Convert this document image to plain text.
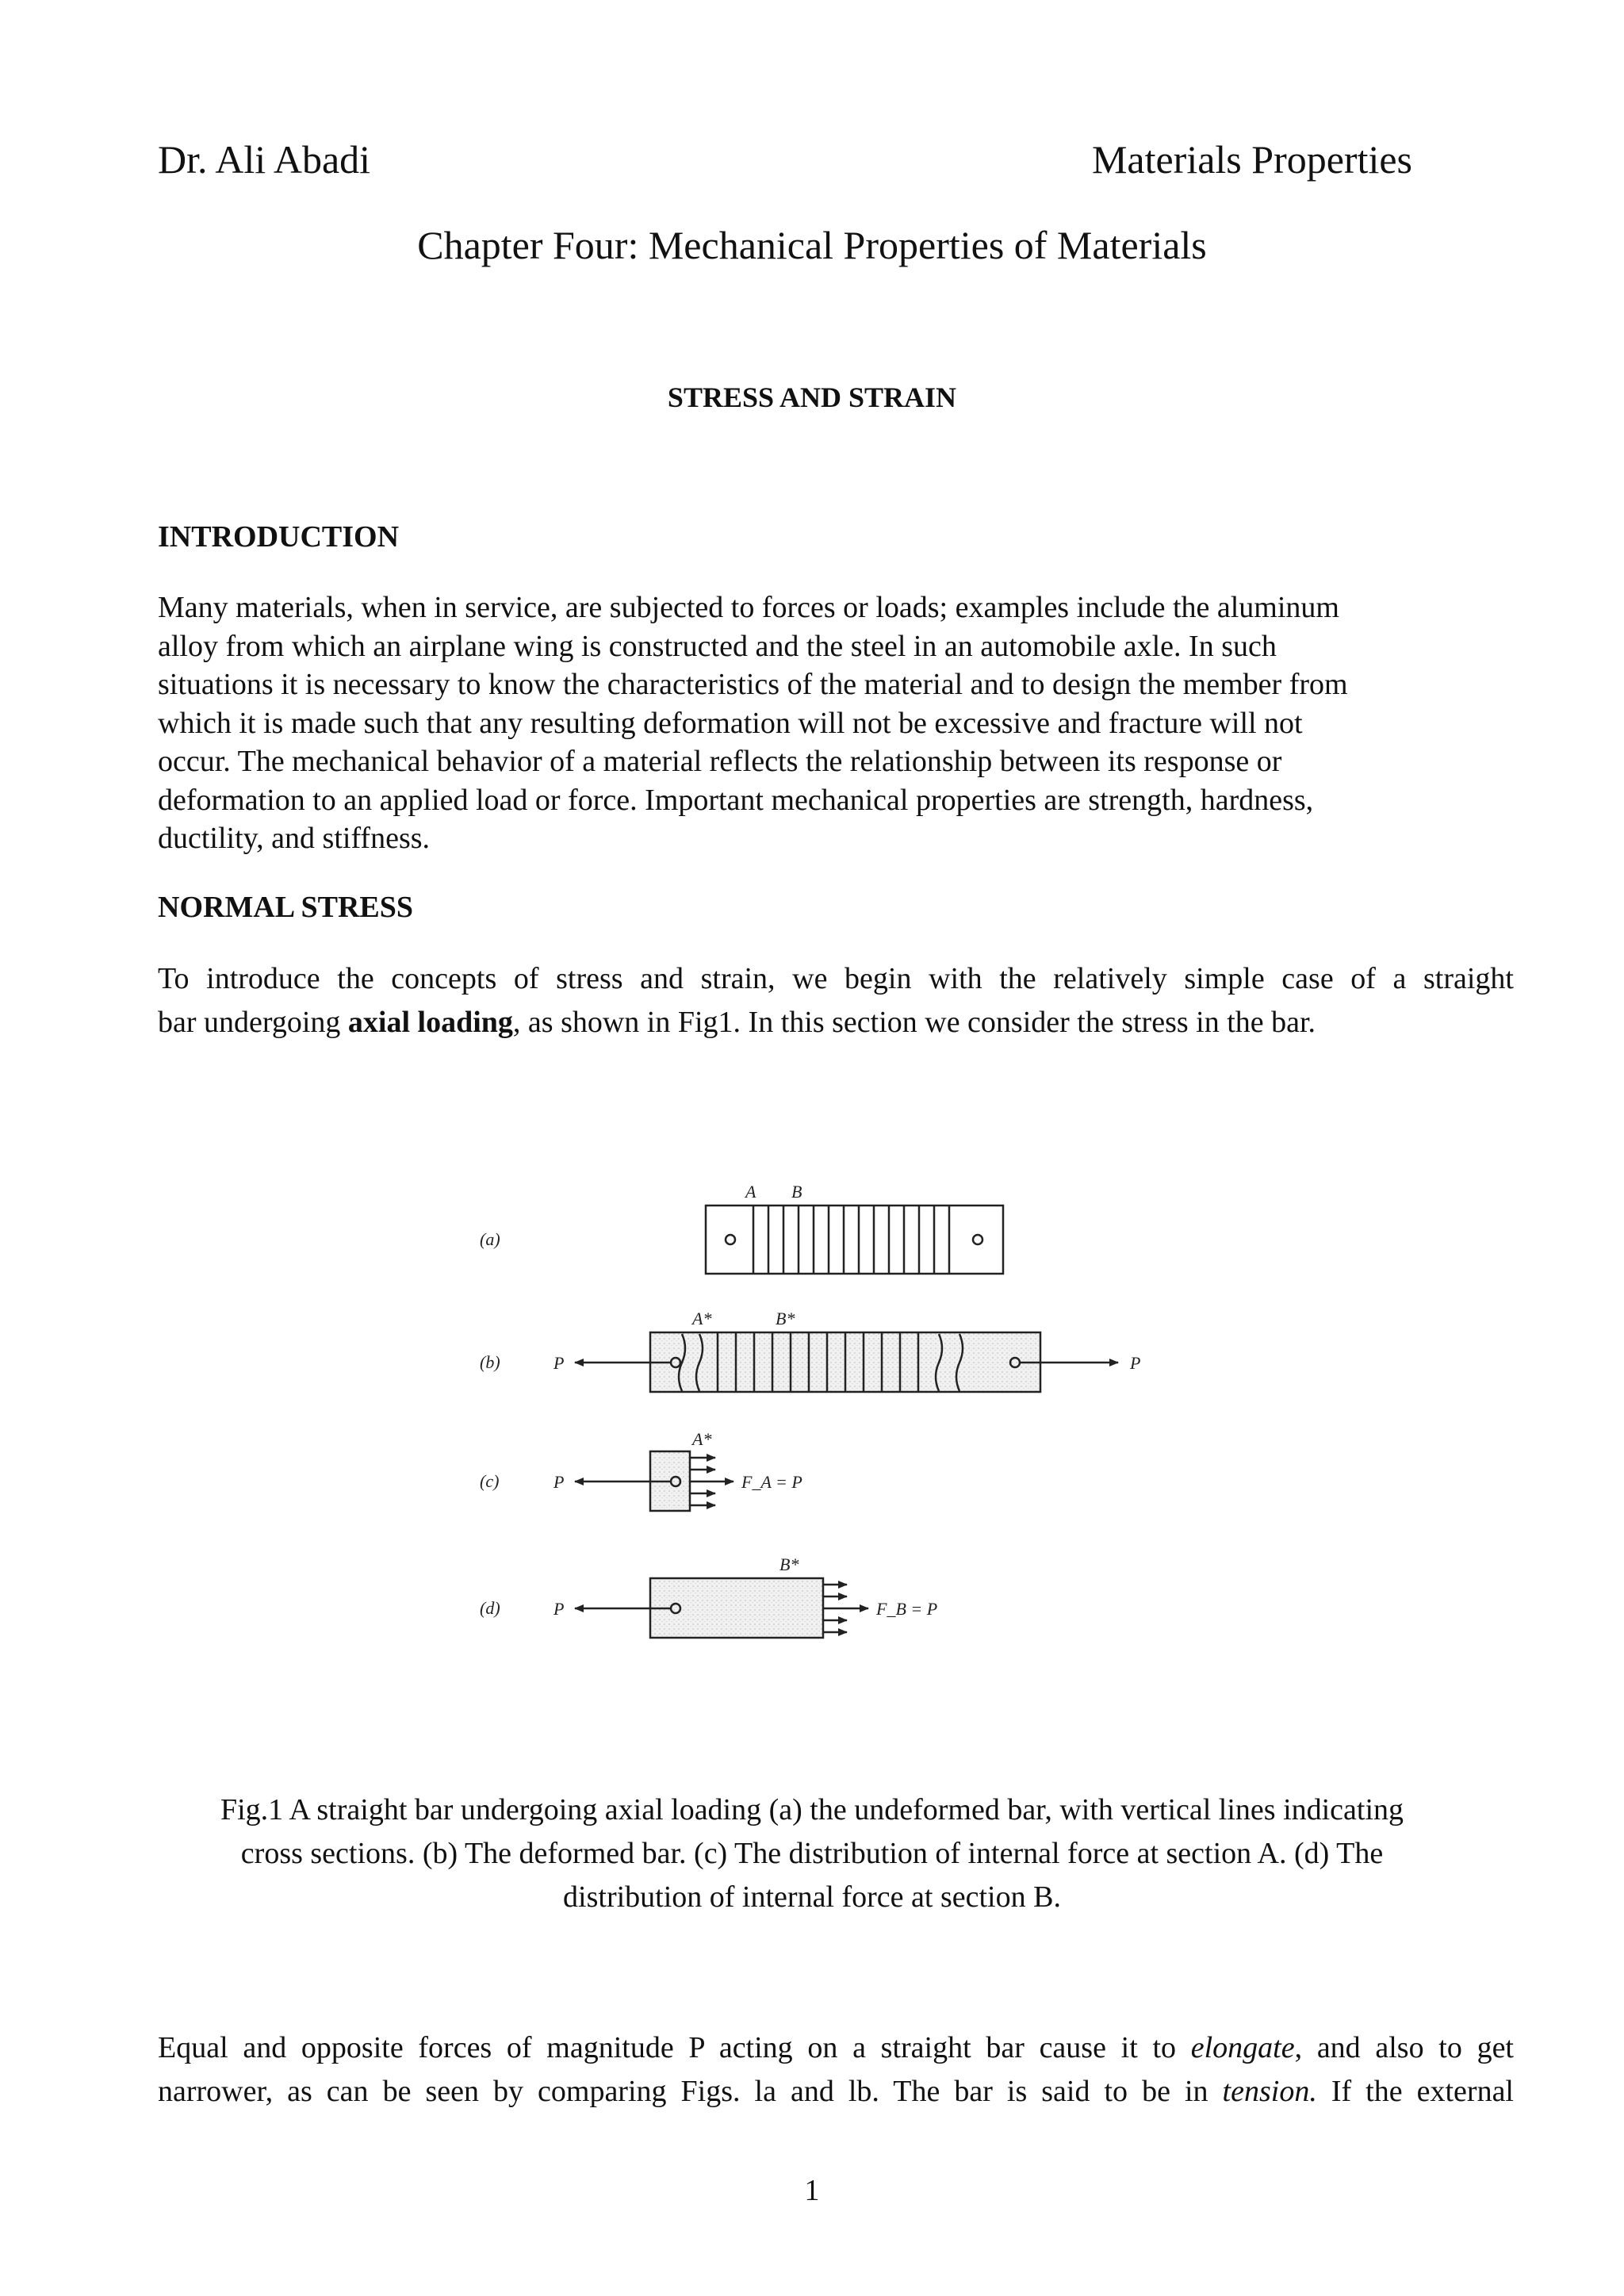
Dr. Ali Abadi	Materials Properties
Chapter Four: Mechanical Properties of Materials
STRESS AND STRAIN
INTRODUCTION
Many materials, when in service, are subjected to forces or loads; examples include the aluminum
alloy from which an airplane wing is constructed and the steel in an automobile axle. In such
situations it is necessary to know the characteristics of the material and to design the member from
which it is made such that any resulting deformation will not be excessive and fracture will not
occur. The mechanical behavior of a material reflects the relationship between its response or
deformation to an applied load or force. Important mechanical properties are strength, hardness,
ductility, and stiffness.
NORMAL STRESS
To introduce the concepts of stress and strain, we begin with the relatively simple case of a straight
bar undergoing axial loading, as shown in Fig1. In this section we consider the stress in the bar.
(a)
(b)
(c)
(d)
A B
A*	B*
A*
B*
P	P
P
P
F_A = P
F_B = P
Fig.1 A straight bar undergoing axial loading (a) the undeformed bar, with vertical lines indicating
cross sections. (b) The deformed bar. (c) The distribution of internal force at section A. (d) The
distribution of internal force at section B.
Equal and opposite forces of magnitude P acting on a straight bar cause it to elongate, and also to get
narrower, as can be seen by comparing Figs. la and lb. The bar is said to be in tension. If the external
1
